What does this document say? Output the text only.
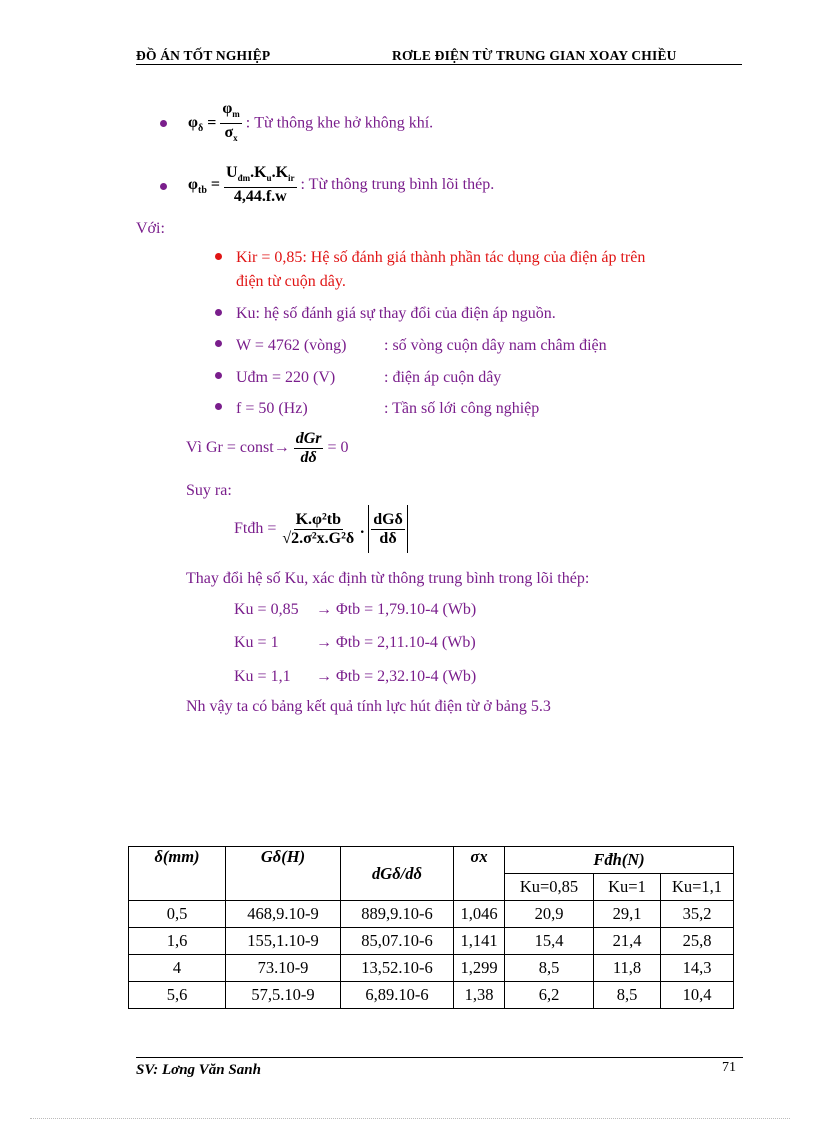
ĐỒ ÁN TỐT NGHIỆP	RƠLE ĐIỆN TỪ TRUNG GIAN XOAY CHIỀU
$\varphi_\delta = \frac{\varphi_m}{\sigma_x}$ : Từ thông khe hở không khí.
$\varphi_{tb} = \frac{U_{đm}.K_u.K_{ir}}{4,44.f.w}$ : Từ thông trung bình lõi thép.
Với:
Kir = 0,85: Hệ số đánh giá thành phần tác dụng của điện áp trên
điện từ cuộn dây.
Ku: hệ số đánh giá sự thay đổi của điện áp nguồn.
W = 4762 (vòng) : số vòng cuộn dây nam châm điện
Uđm = 220 (V)	: điện áp cuộn dây
f = 50 (Hz)	: Tần số lới công nghiệp
Vì Gr = const→ $\frac{\text{dGr}}{d\delta} = 0$
Suy ra:
Ftđh = $\frac{\text{K.φ²tb}}{\text{√2.σ²x.G²δ}}$ . $\frac{\text{dGδ}}{d\delta}$
Thay đổi hệ số Ku, xác định từ thông trung bình trong lõi thép:
Ku = 0,85 → Φtb = 1,79.10-4 (Wb)
Ku = 1 → Φtb = 2,11.10-4 (Wb)
Ku = 1,1 → Φtb = 2,32.10-4 (Wb)
Nh vậy ta có bảng kết quả tính lực hút điện từ ở bảng 5.3
δ(mm)	Gδ(H)	dGδ/dδ	σx	Fđh(N)		
				Ku=0,85	Ku=1	Ku=1,1
0,5	468,9.10-9	889,9.10-6	1,046	20,9	29,1	35,2
1,6	155,1.10-9	85,07.10-6	1,141	15,4	21,4	25,8
4	73.10-9	13,52.10-6	1,299	8,5	11,8	14,3
5,6	57,5.10-9	6,89.10-6	1,38	6,2	8,5	10,4
SV: Lơng Văn Sanh	71
